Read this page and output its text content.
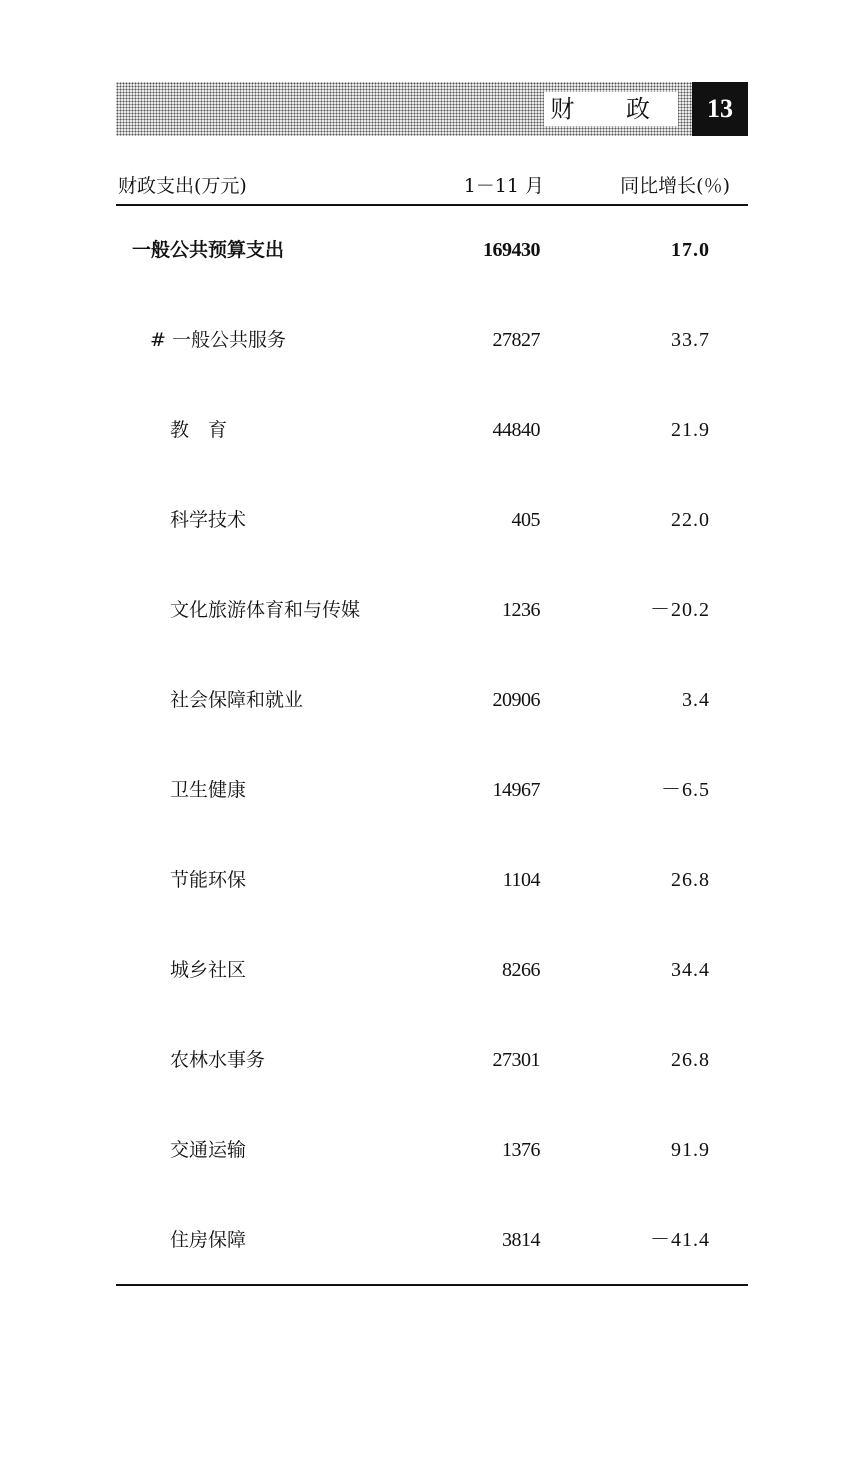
财 政	13
财政支出(万元)	1－11 月	同比增长(％)
一般公共预算支出	169430	17.0
# 一般公共服务	27827	33.7
教　育	44840	21.9
科学技术	405	22.0
文化旅游体育和与传媒	1236	－20.2
社会保障和就业	20906	3.4
卫生健康	14967	－6.5
节能环保	1104	26.8
城乡社区	8266	34.4
农林水事务	27301	26.8
交通运输	1376	91.9
住房保障	3814	－41.4
